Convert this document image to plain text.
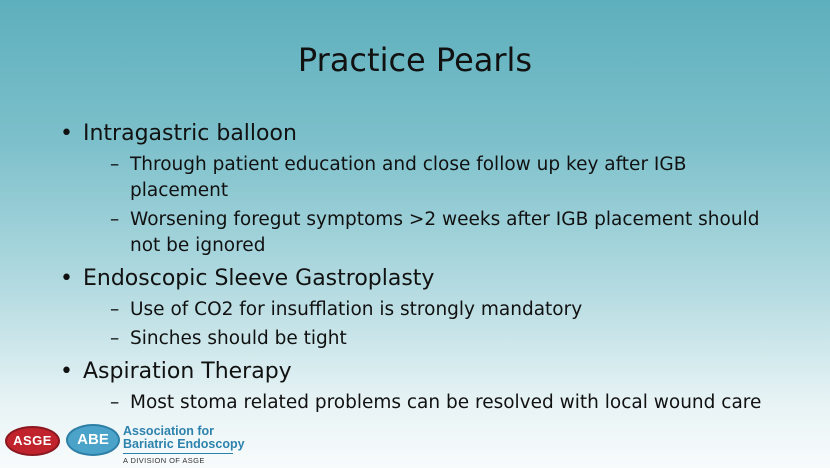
Practice Pearls
• Intragastric balloon
– Through patient education and close follow up key after IGB placement
– Worsening foregut symptoms >2 weeks after IGB placement should not be ignored
• Endoscopic Sleeve Gastroplasty
– Use of CO2 for insufflation is strongly mandatory
– Sinches should be tight
• Aspiration Therapy
– Most stoma related problems can be resolved with local wound care
ASGE	ABE	Association for
Bariatric Endoscopy
A DIVISION OF ASGE
